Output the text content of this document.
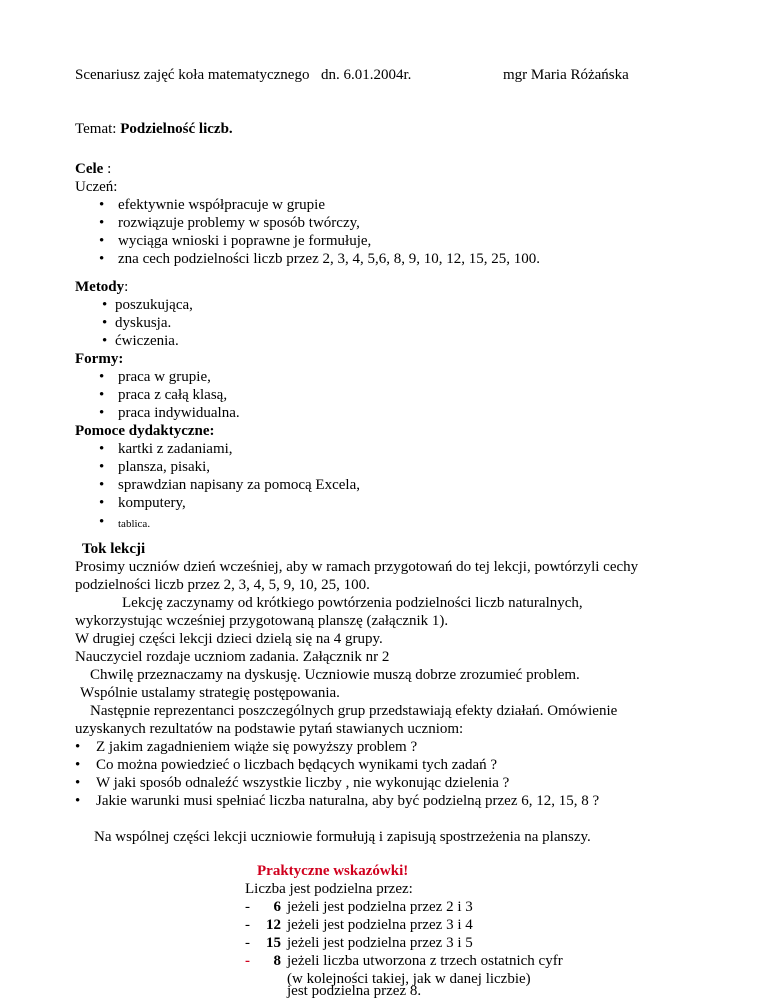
Scenariusz zajęć koła matematycznego dn. 6.01.2004r.	mgr Maria Różańska
Temat: Podzielność liczb.
Cele :
Uczeń:
• efektywnie współpracuje w grupie
• rozwiązuje problemy w sposób twórczy,
• wyciąga wnioski i poprawne je formułuje,
• zna cech podzielności liczb przez 2, 3, 4, 5,6, 8, 9, 10, 12, 15, 25, 100.
Metody:
• poszukująca,
• dyskusja.
• ćwiczenia.
Formy:
• praca w grupie,
• praca z całą klasą,
• praca indywidualna.
Pomoce dydaktyczne:
• kartki z zadaniami,
• plansza, pisaki,
• sprawdzian napisany za pomocą Excela,
• komputery,
• tablica.
Tok lekcji
Prosimy uczniów dzień wcześniej, aby w ramach przygotowań do tej lekcji, powtórzyli cechy
podzielności liczb przez 2, 3, 4, 5, 9, 10, 25, 100.
Lekcję zaczynamy od krótkiego powtórzenia podzielności liczb naturalnych,
wykorzystując wcześniej przygotowaną planszę (załącznik 1).
W drugiej części lekcji dzieci dzielą się na 4 grupy.
Nauczyciel rozdaje uczniom zadania. Załącznik nr 2
Chwilę przeznaczamy na dyskusję. Uczniowie muszą dobrze zrozumieć problem.
Wspólnie ustalamy strategię postępowania.
Następnie reprezentanci poszczególnych grup przedstawiają efekty działań. Omówienie
uzyskanych rezultatów na podstawie pytań stawianych uczniom:
• Z jakim zagadnieniem wiąże się powyższy problem ?
• Co można powiedzieć o liczbach będących wynikami tych zadań ?
• W jaki sposób odnaleźć wszystkie liczby , nie wykonując dzielenia ?
• Jakie warunki musi spełniać liczba naturalna, aby być podzielną przez 6, 12, 15, 8 ?
Na wspólnej części lekcji uczniowie formułują i zapisują spostrzeżenia na planszy.
Praktyczne wskazówki!
Liczba jest podzielna przez:
- 6 jeżeli jest podzielna przez 2 i 3
- 12 jeżeli jest podzielna przez 3 i 4
- 15 jeżeli jest podzielna przez 3 i 5
- 8 jeżeli liczba utworzona z trzech ostatnich cyfr
(w kolejności takiej, jak w danej liczbie)
jest podzielna przez 8.
